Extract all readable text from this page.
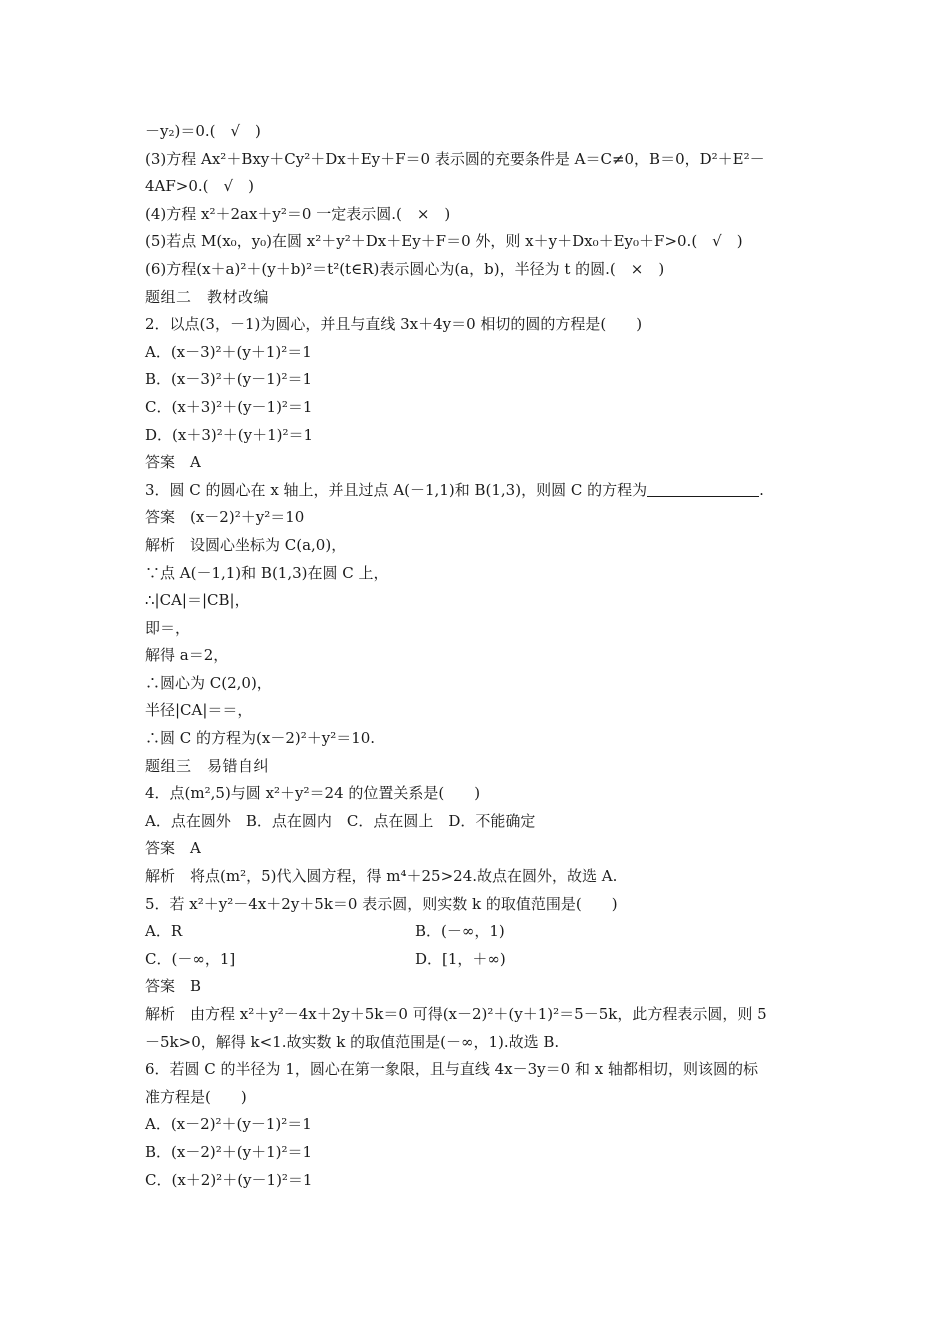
－y₂)＝0.(　√　)
(3)方程 Ax²＋Bxy＋Cy²＋Dx＋Ey＋F＝0 表示圆的充要条件是 A＝C≠0，B＝0，D²＋E²－
4AF>0.(　√　)
(4)方程 x²＋2ax＋y²＝0 一定表示圆.(　×　)
(5)若点 M(x₀，y₀)在圆 x²＋y²＋Dx＋Ey＋F＝0 外，则 x＋y＋Dx₀＋Ey₀＋F>0.(　√　)
(6)方程(x＋a)²＋(y＋b)²＝t²(t∈R)表示圆心为(a，b)，半径为 t 的圆.(　×　)
题组二　教材改编
2．以点(3，－1)为圆心，并且与直线 3x＋4y＝0 相切的圆的方程是(　　)
A．(x－3)²＋(y＋1)²＝1
B．(x－3)²＋(y－1)²＝1
C．(x＋3)²＋(y－1)²＝1
D．(x＋3)²＋(y＋1)²＝1
答案　A
3．圆 C 的圆心在 x 轴上，并且过点 A(－1,1)和 B(1,3)，则圆 C 的方程为	.
答案　(x－2)²＋y²＝10
解析　设圆心坐标为 C(a,0)，
∵点 A(－1,1)和 B(1,3)在圆 C 上，
∴|CA|＝|CB|，
即＝，
解得 a＝2，
∴圆心为 C(2,0)，
半径|CA|＝＝，
∴圆 C 的方程为(x－2)²＋y²＝10.
题组三　易错自纠
4．点(m²,5)与圆 x²＋y²＝24 的位置关系是(　　)
A．点在圆外　B．点在圆内　C．点在圆上　D．不能确定
答案　A
解析　将点(m²，5)代入圆方程，得 m⁴＋25>24.故点在圆外，故选 A.
5．若 x²＋y²－4x＋2y＋5k＝0 表示圆，则实数 k 的取值范围是(　　)
A．R	B．(－∞，1)
C．(－∞，1]	D．[1，＋∞)
答案　B
解析　由方程 x²＋y²－4x＋2y＋5k＝0 可得(x－2)²＋(y＋1)²＝5－5k，此方程表示圆，则 5
－5k>0，解得 k<1.故实数 k 的取值范围是(－∞，1).故选 B.
6．若圆 C 的半径为 1，圆心在第一象限，且与直线 4x－3y＝0 和 x 轴都相切，则该圆的标
准方程是(　　)
A．(x－2)²＋(y－1)²＝1
B．(x－2)²＋(y＋1)²＝1
C．(x＋2)²＋(y－1)²＝1
